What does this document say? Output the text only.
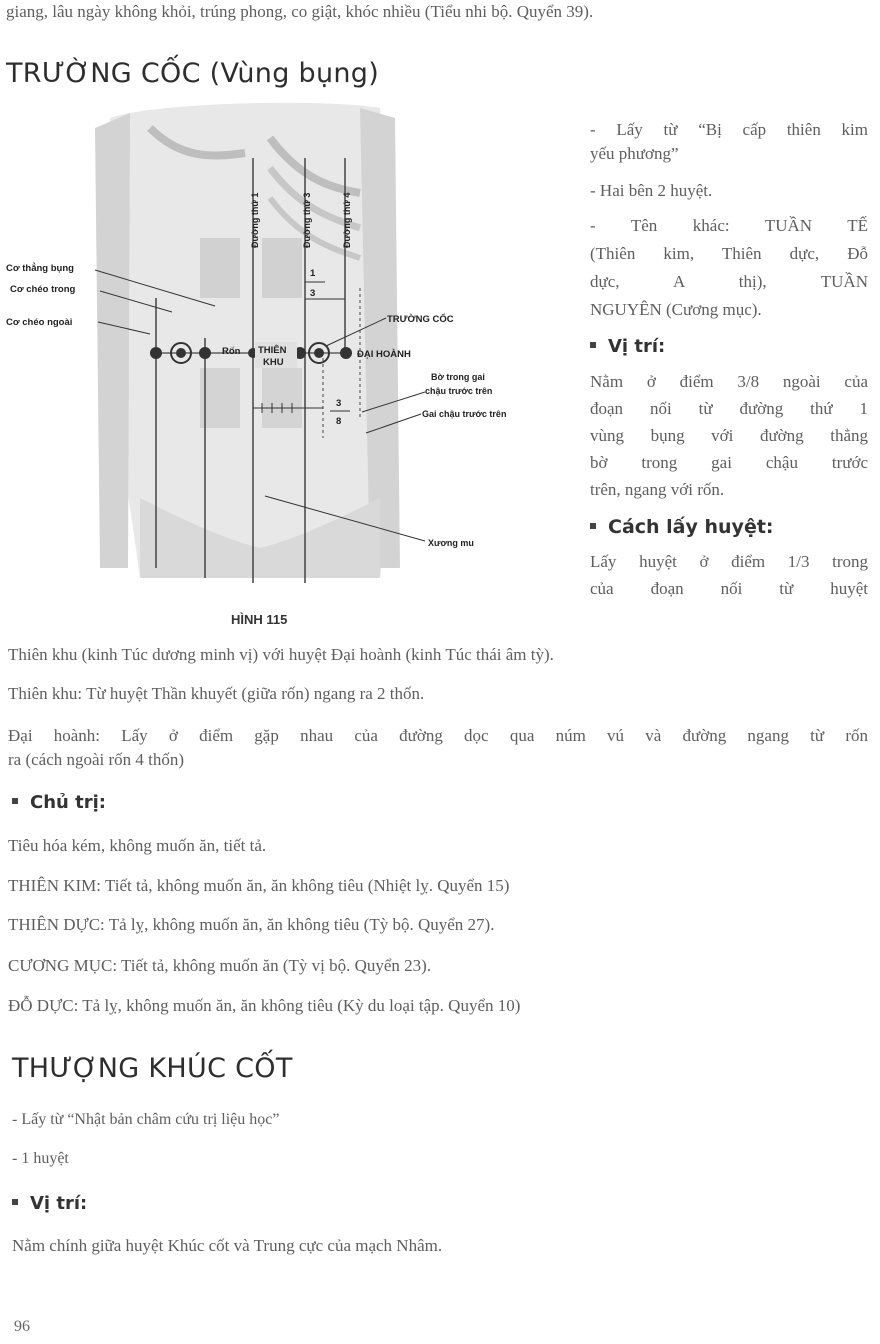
giang, lâu ngày không khỏi, trúng phong, co giật, khóc nhiều (Tiểu nhi bộ. Quyển 39).

TRƯỜNG CỐC (Vùng bụng)
Đường thứ 1	Đường thứ 3	Đường thứ 4
1
3
Cơ thẳng bụng
Cơ chéo trong
Cơ chéo ngoài	TRƯỜNG CỐC
Rốn THIÊN
KHU
ĐẠI HOÀNH
Bờ trong gai
chậu trước trên
3
8
Gai chậu trước trên
Xương mu
HÌNH 115

- Lấy từ “Bị cấp thiên kim

yếu phương”

- Hai bên 2 huyệt.

- Tên khác: TUẦN TẾ

(Thiên kim, Thiên dực, Đỗ

dực, A thị), TUẦN

NGUYÊN (Cương mục).

Vị trí:

Nằm ở điểm 3/8 ngoài của

đoạn nối từ đường thứ 1

vùng bụng với đường thẳng

bờ trong gai chậu trước

trên, ngang với rốn.

Cách lấy huyệt:

Lấy huyệt ở điểm 1/3 trong

của đoạn nối từ huyệt

Thiên khu (kinh Túc dương minh vị) với huyệt Đại hoành (kinh Túc thái âm tỳ).

Thiên khu: Từ huyệt Thần khuyết (giữa rốn) ngang ra 2 thốn.

Đại hoành: Lấy ở điểm gặp nhau của đường dọc qua núm vú và đường ngang từ rốn

ra (cách ngoài rốn 4 thốn)

Chủ trị:

Tiêu hóa kém, không muốn ăn, tiết tả.

THIÊN KIM: Tiết tả, không muốn ăn, ăn không tiêu (Nhiệt lỵ. Quyển 15)

THIÊN DỰC: Tả lỵ, không muốn ăn, ăn không tiêu (Tỳ bộ. Quyển 27).

CƯƠNG MỤC: Tiết tả, không muốn ăn (Tỳ vị bộ. Quyển 23).

ĐỖ DỰC: Tả lỵ, không muốn ăn, ăn không tiêu (Kỳ du loại tập. Quyển 10)

THƯỢNG KHÚC CỐT

- Lấy từ “Nhật bản châm cứu trị liệu học”

- 1 huyệt

Vị trí:

Nằm chính giữa huyệt Khúc cốt và Trung cực của mạch Nhâm.

96
